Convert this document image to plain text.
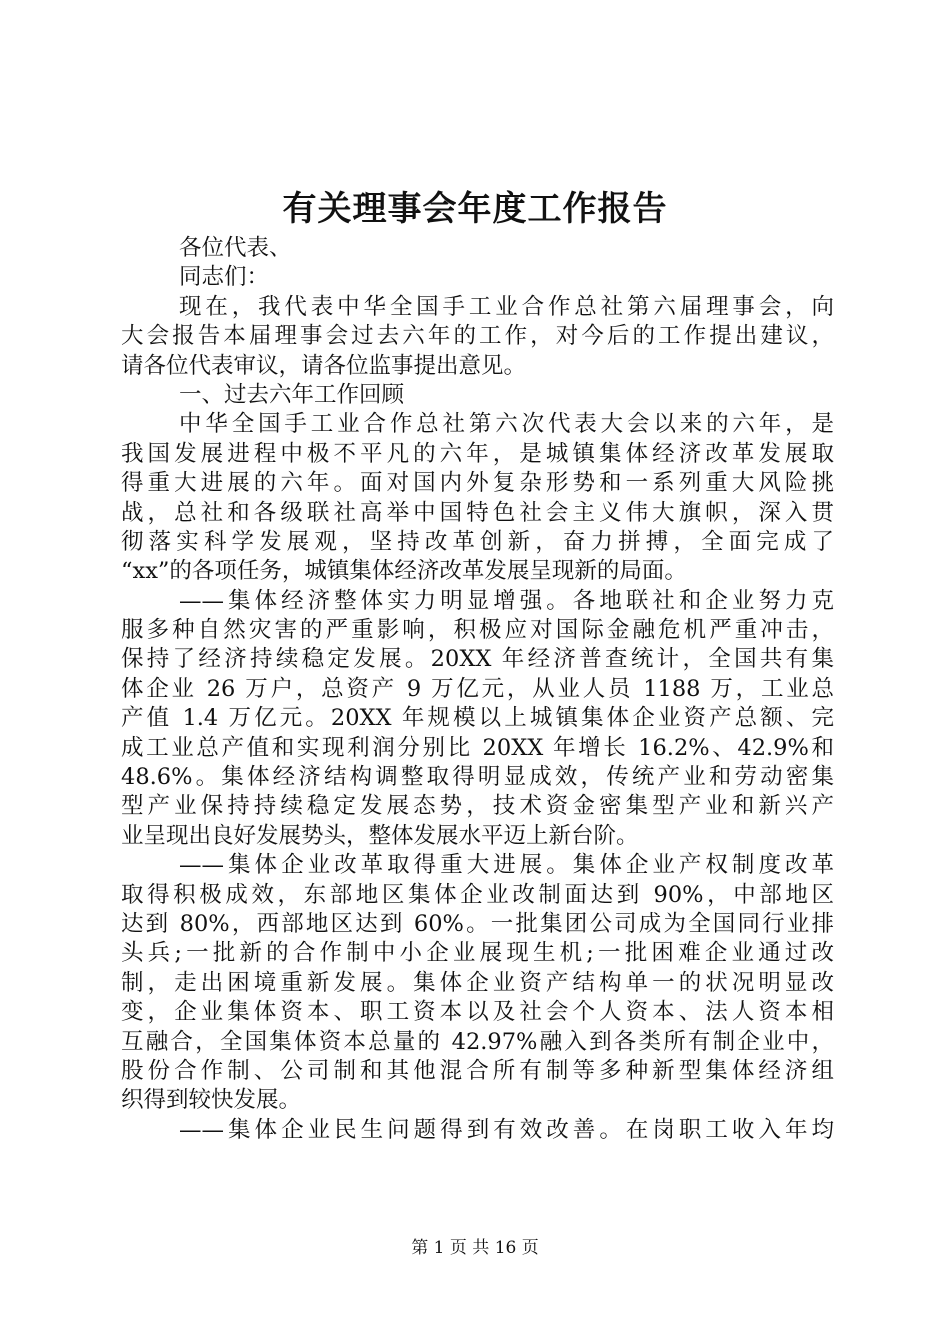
有关理事会年度工作报告
各位代表、
同志们：
现在，我代表中华全国手工业合作总社第六届理事会，向
大会报告本届理事会过去六年的工作，对今后的工作提出建议，
请各位代表审议，请各位监事提出意见。
一、过去六年工作回顾
中华全国手工业合作总社第六次代表大会以来的六年，是
我国发展进程中极不平凡的六年，是城镇集体经济改革发展取
得重大进展的六年。面对国内外复杂形势和一系列重大风险挑
战，总社和各级联社高举中国特色社会主义伟大旗帜，深入贯
彻落实科学发展观，坚持改革创新，奋力拼搏，全面完成了
“xx”的各项任务，城镇集体经济改革发展呈现新的局面。
——集体经济整体实力明显增强。各地联社和企业努力克
服多种自然灾害的严重影响，积极应对国际金融危机严重冲击，
保持了经济持续稳定发展。20XX 年经济普查统计，全国共有集
体企业 26 万户，总资产 9 万亿元，从业人员 1188 万，工业总
产值 1.4 万亿元。20XX 年规模以上城镇集体企业资产总额、完
成工业总产值和实现利润分别比 20XX 年增长 16.2%、42.9%和
48.6%。集体经济结构调整取得明显成效，传统产业和劳动密集
型产业保持持续稳定发展态势，技术资金密集型产业和新兴产
业呈现出良好发展势头，整体发展水平迈上新台阶。
——集体企业改革取得重大进展。集体企业产权制度改革
取得积极成效，东部地区集体企业改制面达到 90%，中部地区
达到 80%，西部地区达到 60%。一批集团公司成为全国同行业排
头兵;一批新的合作制中小企业展现生机;一批困难企业通过改
制，走出困境重新发展。集体企业资产结构单一的状况明显改
变，企业集体资本、职工资本以及社会个人资本、法人资本相
互融合，全国集体资本总量的 42.97%融入到各类所有制企业中，
股份合作制、公司制和其他混合所有制等多种新型集体经济组
织得到较快发展。
——集体企业民生问题得到有效改善。在岗职工收入年均
第 1 页 共 16 页
